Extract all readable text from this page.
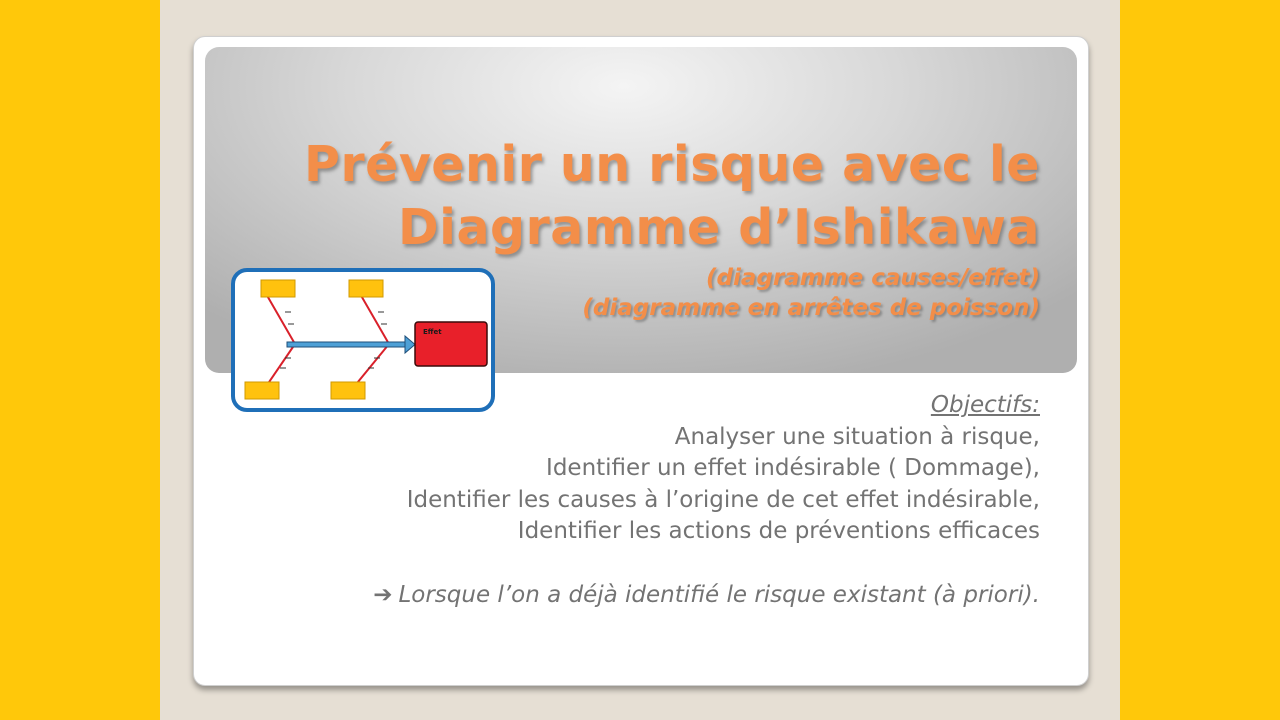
Prévenir un risque avec le
Diagramme d’Ishikawa
(diagramme causes/effet)
(diagramme en arrêtes de poisson)
Effet
Objectifs:
Analyser une situation à risque,
Identifier un effet indésirable ( Dommage),
Identifier les causes à l’origine de cet effet indésirable,
Identifier les actions de préventions efficaces
➔ Lorsque l’on a déjà identifié le risque existant (à priori).
